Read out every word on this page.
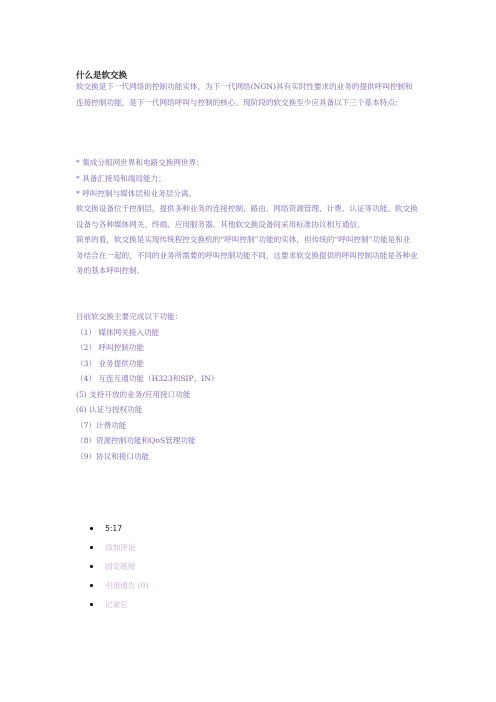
什么是软交换
软交换是下一代网络的控制功能实体，为下一代网络(NGN)具有实时性要求的业务的提供呼叫控制和连接控制功能，是下一代网络呼叫与控制的核心。现阶段的软交换至少应具备以下三个基本特点：
* 集成分组网世界和电路交换网世界；
* 具备汇接局和端局能力；
* 呼叫控制与媒体层和业务层分离。
软交换设备位于控制层，提供多种业务的连接控制、路由、网络资源管理、计费、认证等功能。软交换设备与各种媒体网关、终端、应用服务器、其他软交换设备间采用标准协议相互通信。
简单的看，软交换是实现传统程控交换机的“呼叫控制”功能的实体，但传统的“呼叫控制”功能是和业务结合在一起的，不同的业务所需要的呼叫控制功能不同，这要求软交换提供的呼叫控制功能是各种业务的基本呼叫控制。
目前软交换主要完成以下功能：
（1） 媒体网关接入功能
（2） 呼叫控制功能
（3） 业务提供功能
（4） 互连互通功能（H323和SIP、IN）
(5) 支持开放的业务/应用接口功能
(6) 认证与授权功能
（7）计费功能
（8）资源控制功能和QoS管理功能
（9）协议和接口功能
5:17
添加评论
固定链接
引用通告 (0)
记录它
